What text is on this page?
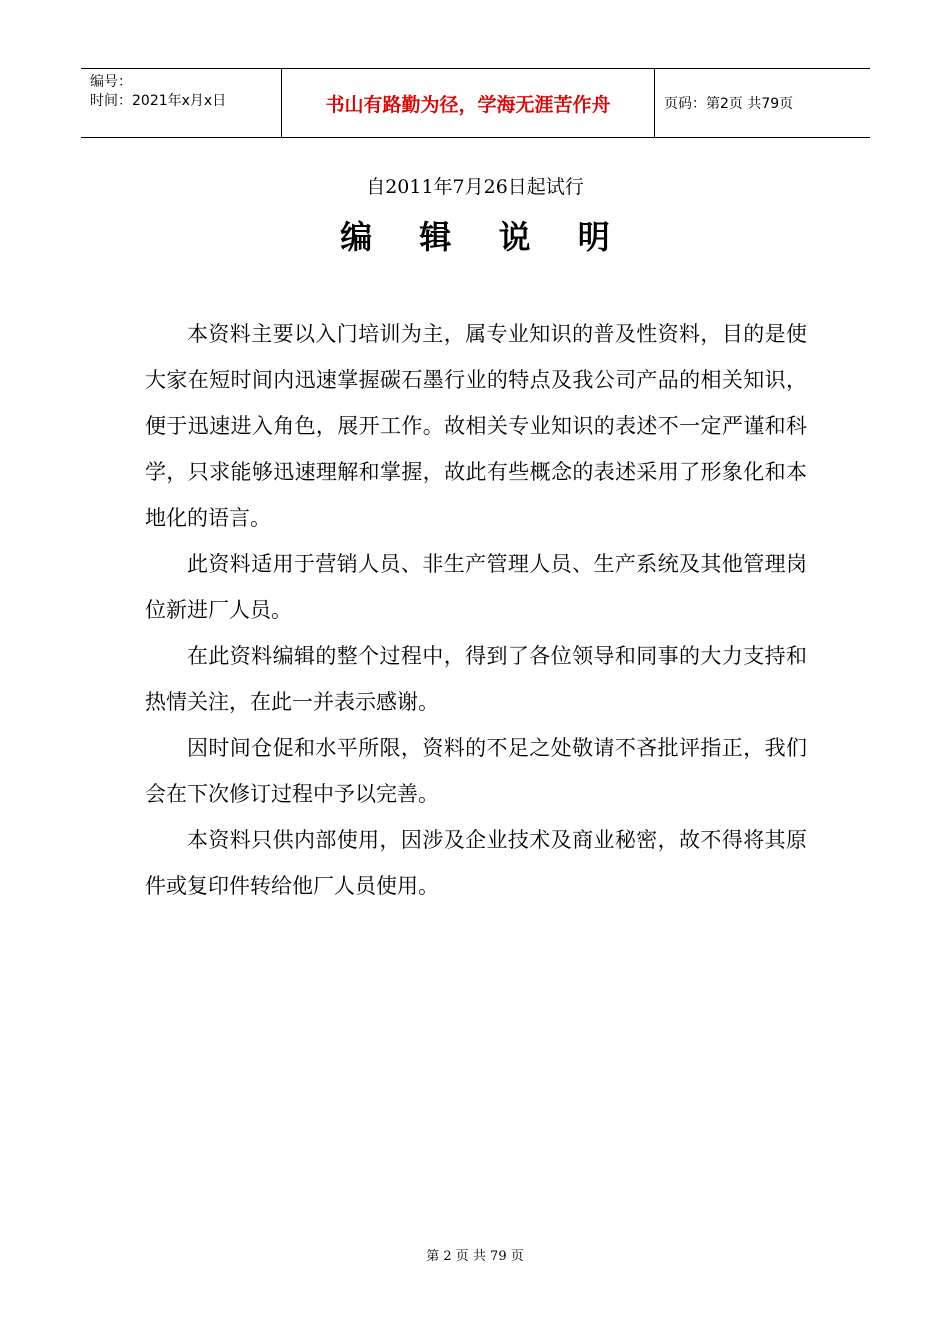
编号：
时间：2021年x月x日	书山有路勤为径，学海无涯苦作舟	页码：第2页 共79页
自2011年7月26日起试行
编 辑 说 明

本资料主要以入门培训为主，属专业知识的普及性资料，目的是使大家在短时间内迅速掌握碳石墨行业的特点及我公司产品的相关知识，便于迅速进入角色，展开工作。故相关专业知识的表述不一定严谨和科学，只求能够迅速理解和掌握，故此有些概念的表述采用了形象化和本地化的语言。

此资料适用于营销人员、非生产管理人员、生产系统及其他管理岗位新进厂人员。

在此资料编辑的整个过程中，得到了各位领导和同事的大力支持和热情关注，在此一并表示感谢。

因时间仓促和水平所限，资料的不足之处敬请不吝批评指正，我们会在下次修订过程中予以完善。

本资料只供内部使用，因涉及企业技术及商业秘密，故不得将其原件或复印件转给他厂人员使用。

第 2 页 共 79 页
